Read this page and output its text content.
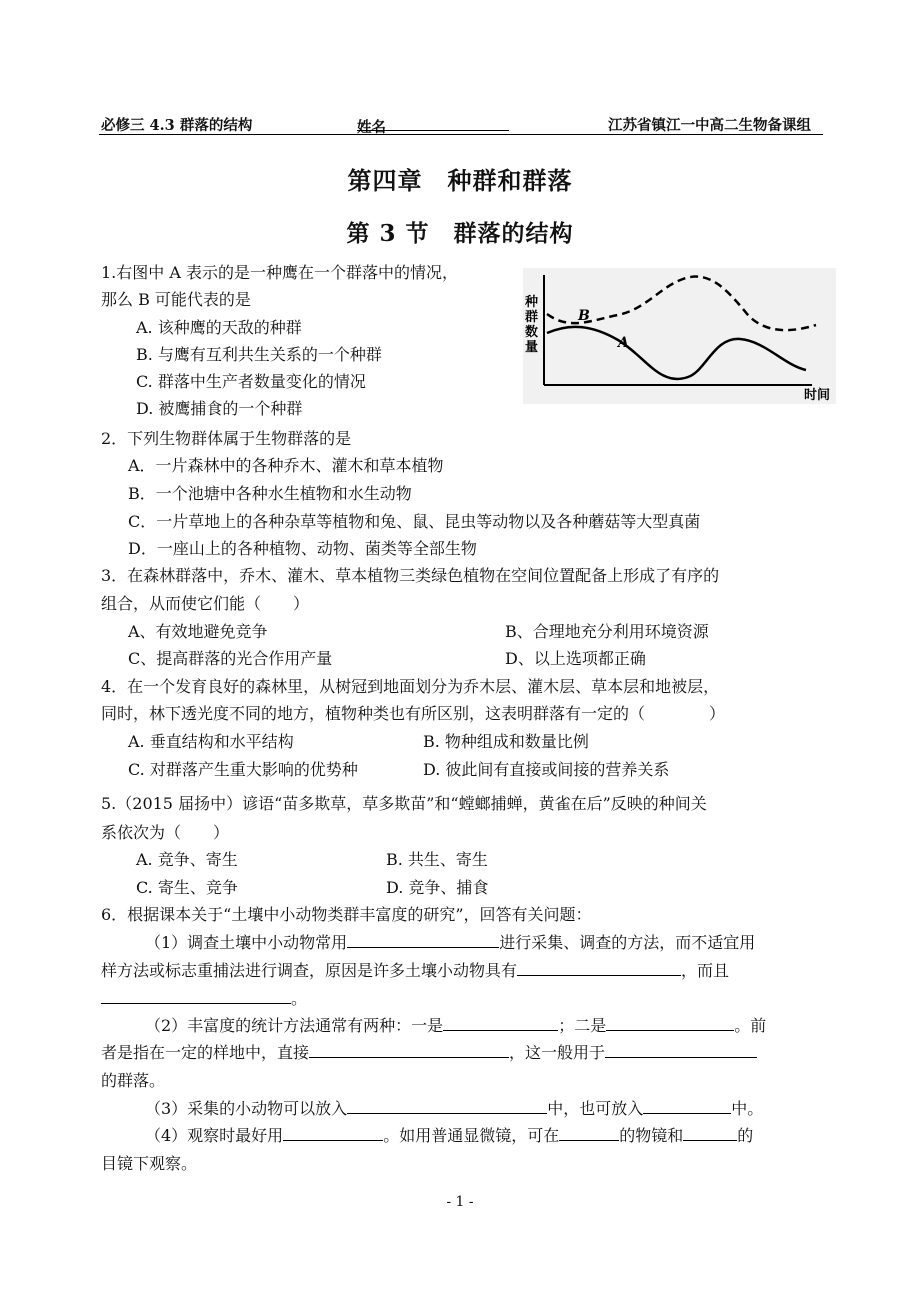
必修三 4.3 群落的结构	姓名	江苏省镇江一中高二生物备课组
第四章　种群和群落
第 3 节　群落的结构
1.右图中 A 表示的是一种鹰在一个群落中的情况，
那么 B 可能代表的是
A. 该种鹰的天敌的种群
B. 与鹰有互利共生关系的一个种群
C. 群落中生产者数量变化的情况
D. 被鹰捕食的一个种群
B
A
种 群 数 量
时间
2．下列生物群体属于生物群落的是
A．一片森林中的各种乔木、灌木和草本植物
B．一个池塘中各种水生植物和水生动物
C．一片草地上的各种杂草等植物和兔、鼠、昆虫等动物以及各种蘑菇等大型真菌
D．一座山上的各种植物、动物、菌类等全部生物
3．在森林群落中，乔木、灌木、草本植物三类绿色植物在空间位置配备上形成了有序的
组合，从而使它们能（　　）
A、有效地避免竞争	B、合理地充分利用环境资源
C、提高群落的光合作用产量	D、以上选项都正确
4．在一个发育良好的森林里，从树冠到地面划分为乔木层、灌木层、草本层和地被层，
同时，林下透光度不同的地方，植物种类也有所区别，这表明群落有一定的（　　　　）
A. 垂直结构和水平结构	B. 物种组成和数量比例
C. 对群落产生重大影响的优势种	D. 彼此间有直接或间接的营养关系
5.（2015 届扬中）谚语“苗多欺草，草多欺苗”和“螳螂捕蝉，黄雀在后”反映的种间关
系依次为（　　）
A. 竞争、寄生	B. 共生、寄生
C. 寄生、竞争	D. 竞争、捕食
6．根据课本关于“土壤中小动物类群丰富度的研究”，回答有关问题：
（1）调查土壤中小动物常用	进行采集、调查的方法，而不适宜用
样方法或标志重捕法进行调查，原因是许多土壤小动物具有	，而且
。
（2）丰富度的统计方法通常有两种：一是	；二是	。前
者是指在一定的样地中，直接	，这一般用于
的群落。
（3）采集的小动物可以放入	中，也可放入	中。
（4）观察时最好用	。如用普通显微镜，可在	的物镜和	的
目镜下观察。
- 1 -
